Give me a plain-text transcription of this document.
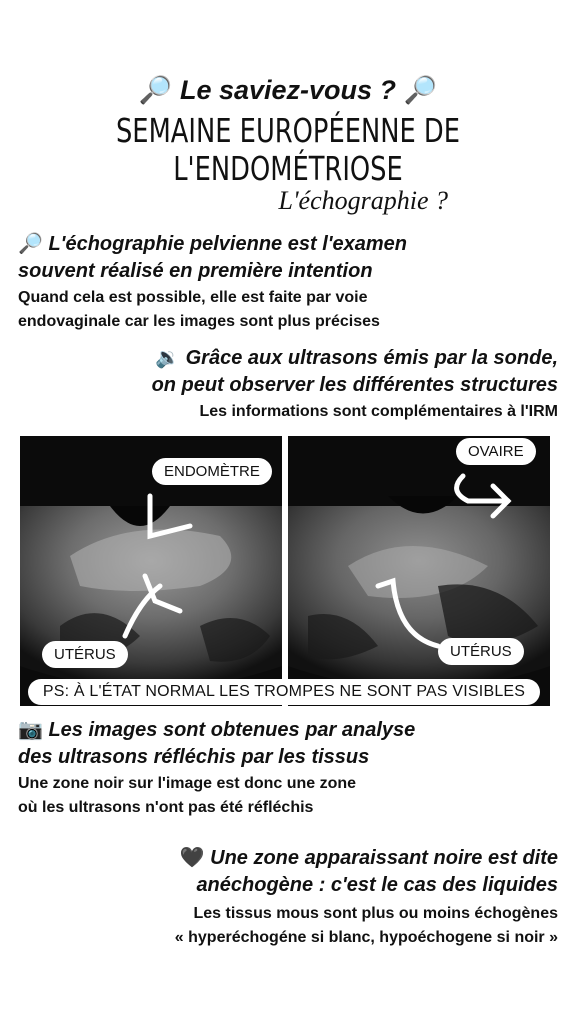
🔎 Le saviez-vous ? 🔎
SEMAINE EUROPÉENNE DE
L'ENDOMÉTRIOSE
L'échographie ?
🔎 L'échographie pelvienne est l'examen
souvent réalisé en première intention
Quand cela est possible, elle est faite par voie
endovaginale car les images sont plus précises
🔉 Grâce aux ultrasons émis par la sonde,
on peut observer les différentes structures
Les informations sont complémentaires à l'IRM
ENDOMÈTRE
UTÉRUS
OVAIRE
UTÉRUS
PS: À L'ÉTAT NORMAL LES TROMPES NE SONT PAS VISIBLES
📷 Les images sont obtenues par analyse
des ultrasons réfléchis par les tissus
Une zone noir sur l'image est donc une zone
où les ultrasons n'ont pas été réfléchis
🖤 Une zone apparaissant noire est dite
anéchogène : c'est le cas des liquides
Les tissus mous sont plus ou moins échogènes
« hyperéchogéne si blanc, hypoéchogene si noir »
